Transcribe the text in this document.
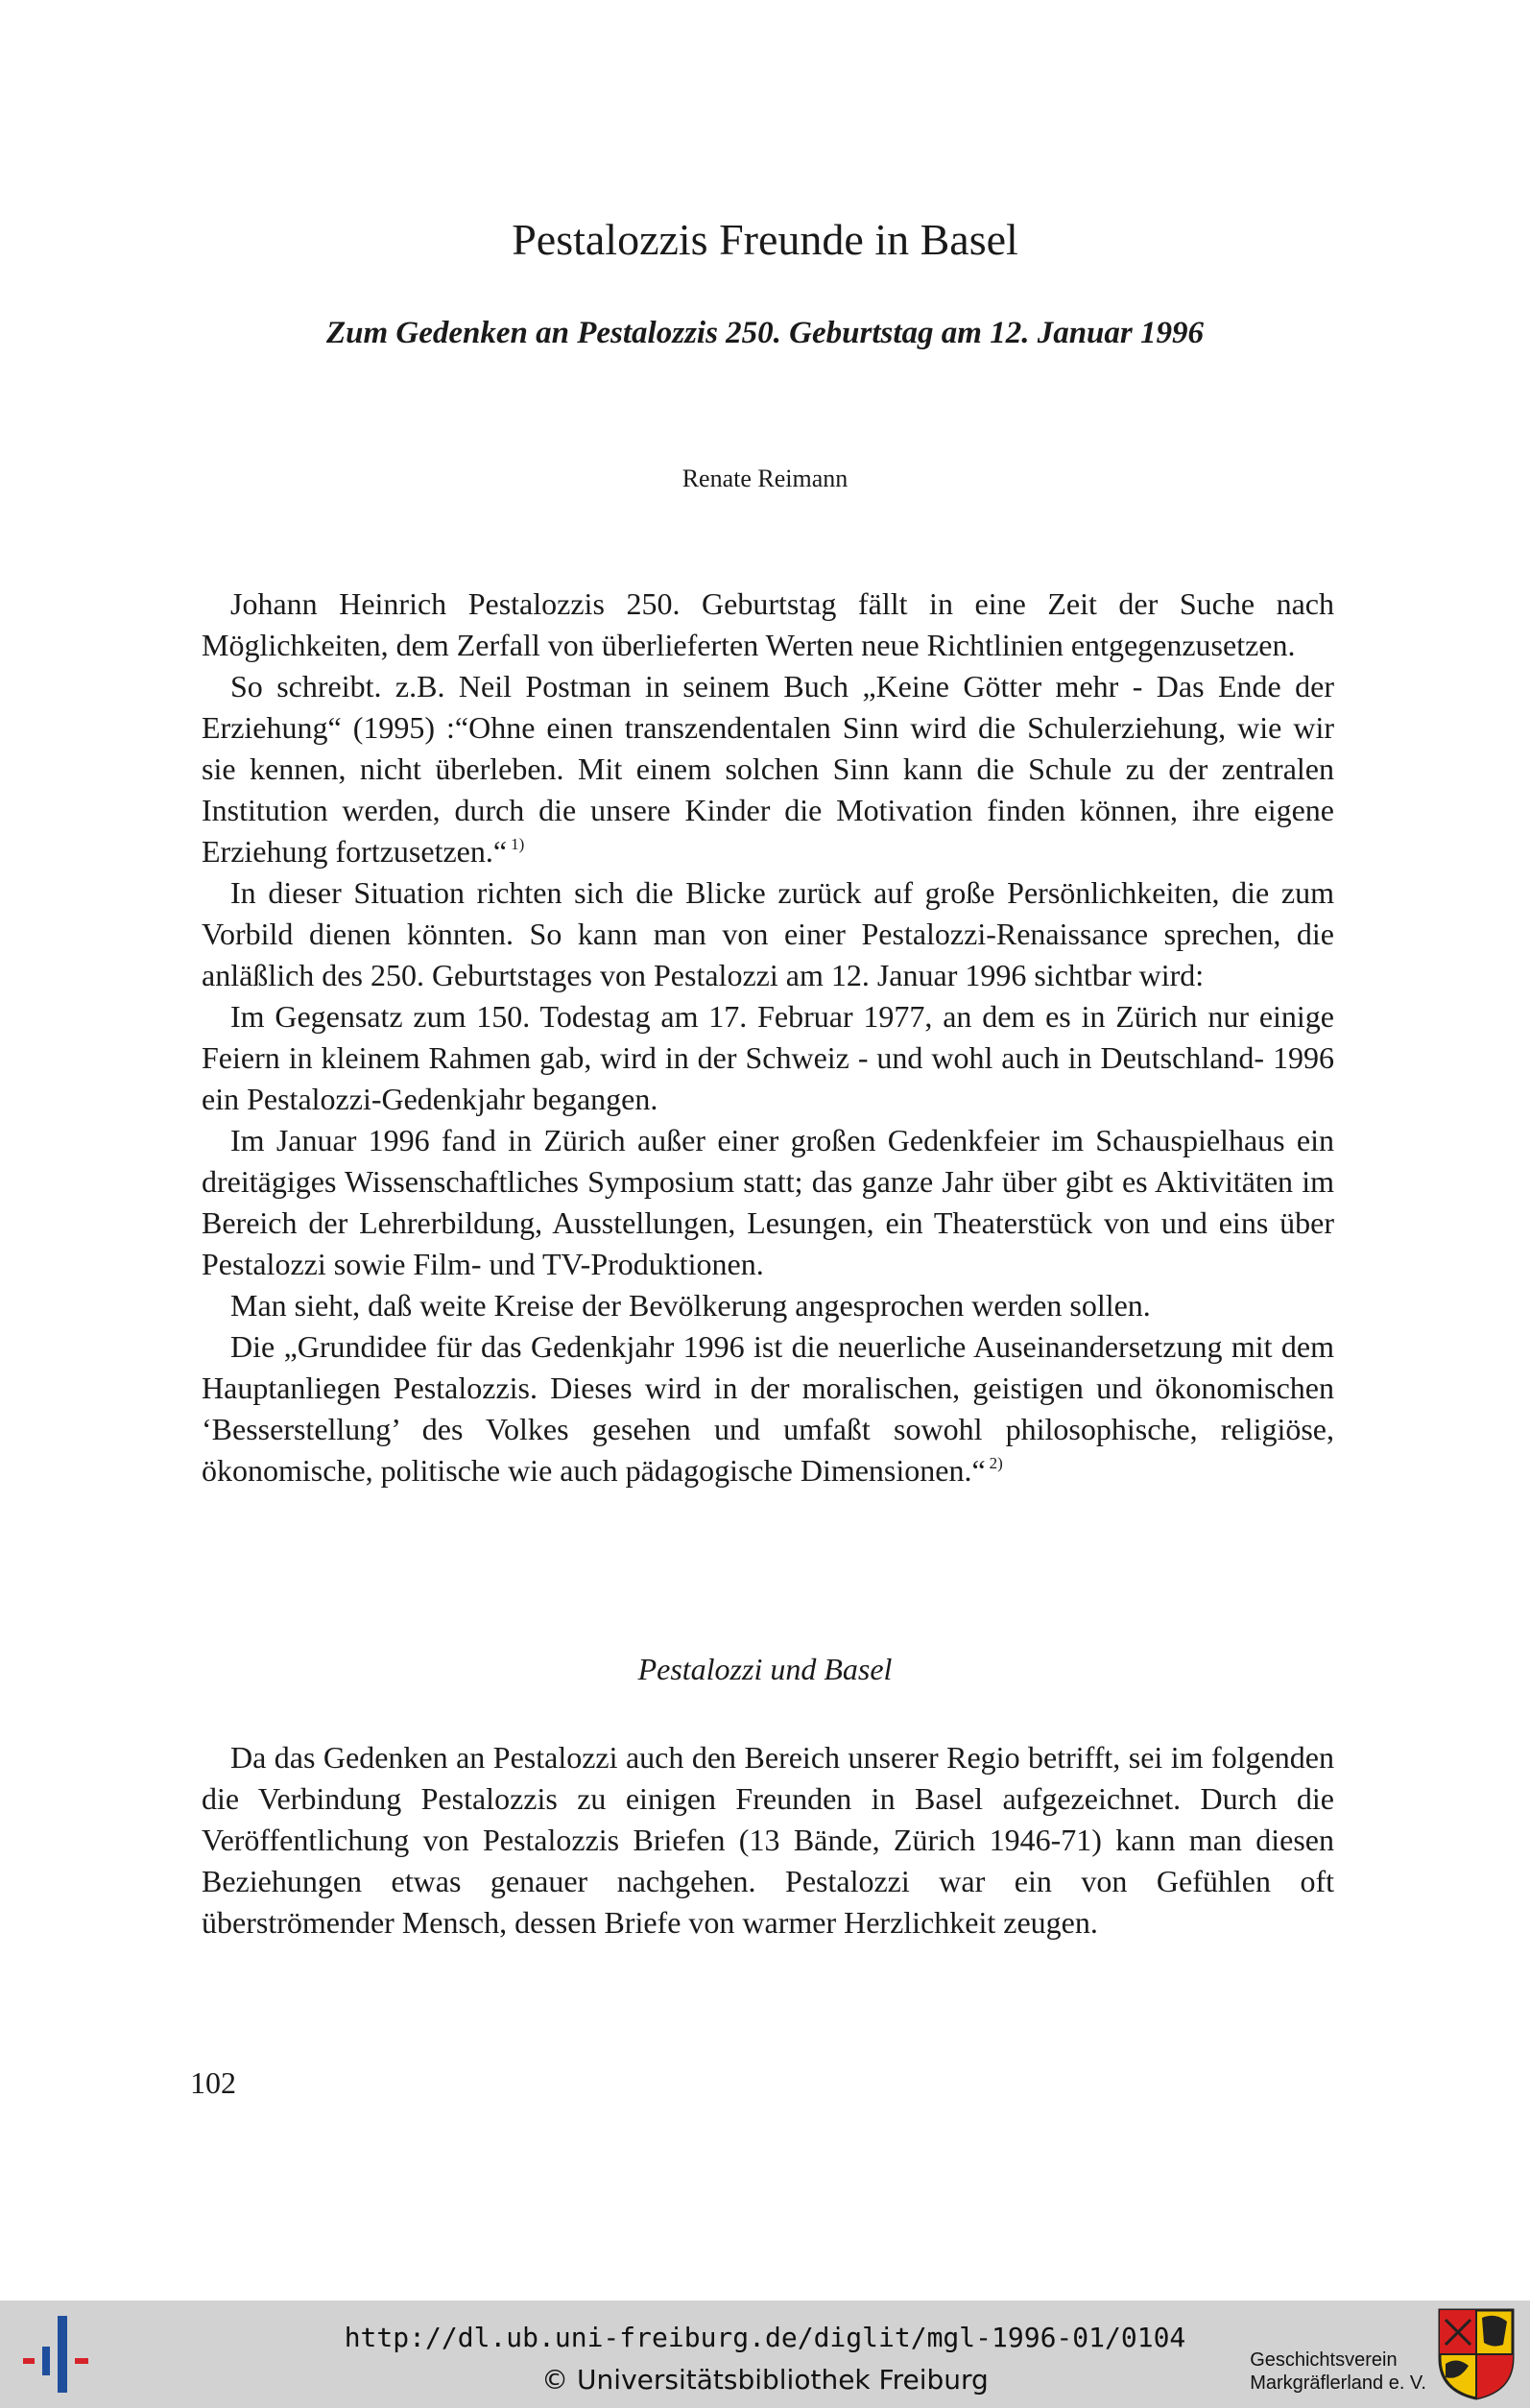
Pestalozzis Freunde in Basel
Zum Gedenken an Pestalozzis 250. Geburtstag am 12. Januar 1996
Renate Reimann

Johann Heinrich Pestalozzis 250. Geburtstag fällt in eine Zeit der Suche nach Möglichkeiten, dem Zerfall von überlieferten Werten neue Richtlinien entgegenzusetzen.

So schreibt. z.B. Neil Postman in seinem Buch „Keine Götter mehr - Das Ende der Erziehung“ (1995) :“Ohne einen transzendentalen Sinn wird die Schulerziehung, wie wir sie kennen, nicht überleben. Mit einem solchen Sinn kann die Schule zu der zentralen Institution werden, durch die unsere Kinder die Motivation finden können, ihre eigene Erziehung fortzusetzen.“ $^{1)}$

In dieser Situation richten sich die Blicke zurück auf große Persönlichkeiten, die zum Vorbild dienen könnten. So kann man von einer Pestalozzi-Renaissance sprechen, die anläßlich des 250. Geburtstages von Pestalozzi am 12. Januar 1996 sichtbar wird:

Im Gegensatz zum 150. Todestag am 17. Februar 1977, an dem es in Zürich nur einige Feiern in kleinem Rahmen gab, wird in der Schweiz - und wohl auch in Deutschland- 1996 ein Pestalozzi-Gedenkjahr begangen.

Im Januar 1996 fand in Zürich außer einer großen Gedenkfeier im Schauspielhaus ein dreitägiges Wissenschaftliches Symposium statt; das ganze Jahr über gibt es Aktivitäten im Bereich der Lehrerbildung, Ausstellungen, Lesungen, ein Theaterstück von und eins über Pestalozzi sowie Film- und TV-Produktionen.

Man sieht, daß weite Kreise der Bevölkerung angesprochen werden sollen.

Die „Grundidee für das Gedenkjahr 1996 ist die neuerliche Auseinandersetzung mit dem Hauptanliegen Pestalozzis. Dieses wird in der moralischen, geistigen und ökonomischen ‘Besserstellung’ des Volkes gesehen und umfaßt sowohl philosophische, religiöse, ökonomische, politische wie auch pädagogische Dimensionen.“ $^{2)}$

Pestalozzi und Basel

Da das Gedenken an Pestalozzi auch den Bereich unserer Regio betrifft, sei im folgenden die Verbindung Pestalozzis zu einigen Freunden in Basel aufgezeichnet. Durch die Veröffentlichung von Pestalozzis Briefen (13 Bände, Zürich 1946-71) kann man diesen Beziehungen etwas genauer nachgehen. Pestalozzi war ein von Gefühlen oft überströmender Mensch, dessen Briefe von warmer Herzlichkeit zeugen.

102
http://dl.ub.uni-freiburg.de/diglit/mgl-1996-01/0104
© Universitätsbibliothek Freiburg
Geschichtsverein
Markgräflerland e. V.
